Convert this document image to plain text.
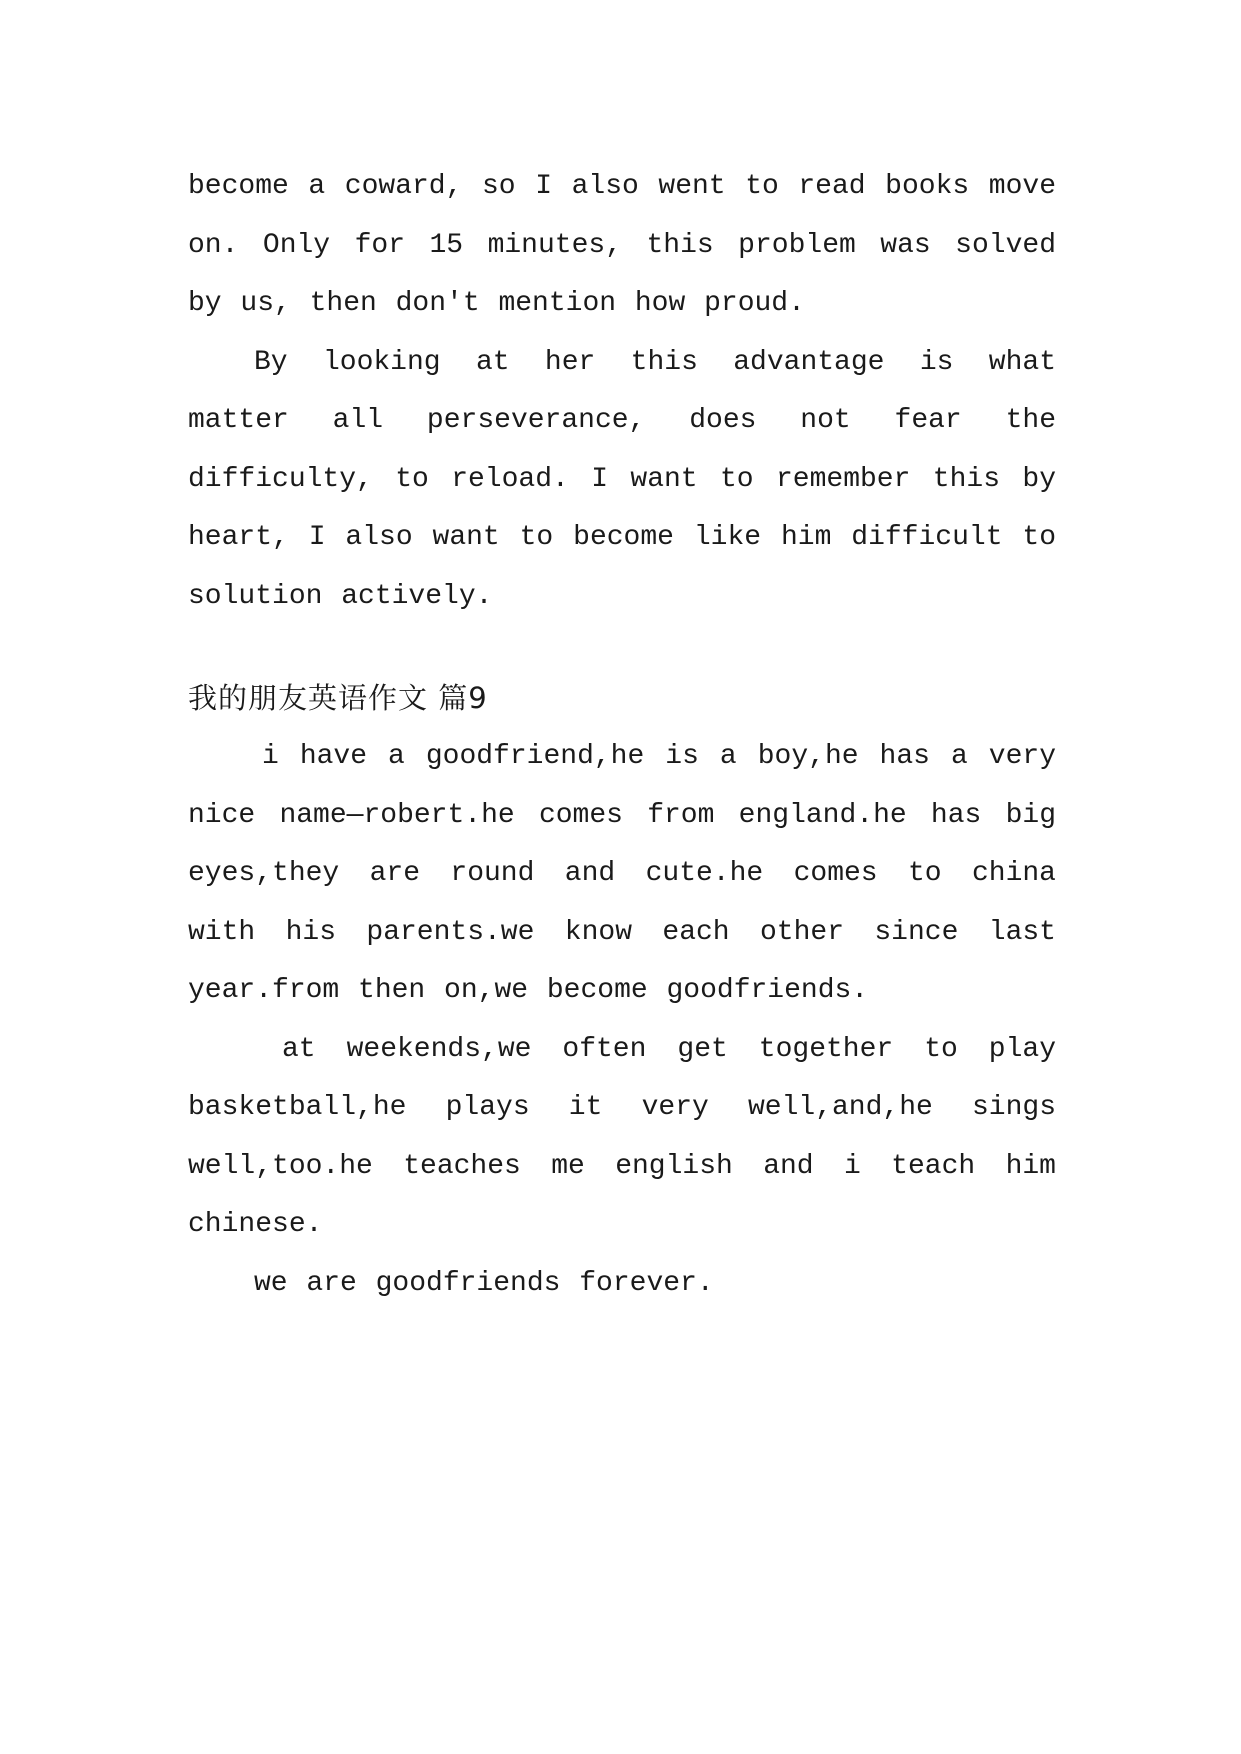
become a coward, so I also went to read books move on. Only for 15 minutes, this problem was solved by us, then don't mention how proud.

By looking at her this advantage is what matter all perseverance, does not fear the difficulty, to reload. I want to remember this by heart, I also want to become like him difficult to solution actively.

我的朋友英语作文 篇9

i have a goodfriend,he is a boy,he has a very nice name—robert.he comes from england.he has big eyes,they are round and cute.he comes to china with his parents.we know each other since last year.from then on,we become goodfriends.

at weekends,we often get together to play basketball,he plays it very well,and,he sings well,too.he teaches me english and i teach him chinese.

we are goodfriends forever.
